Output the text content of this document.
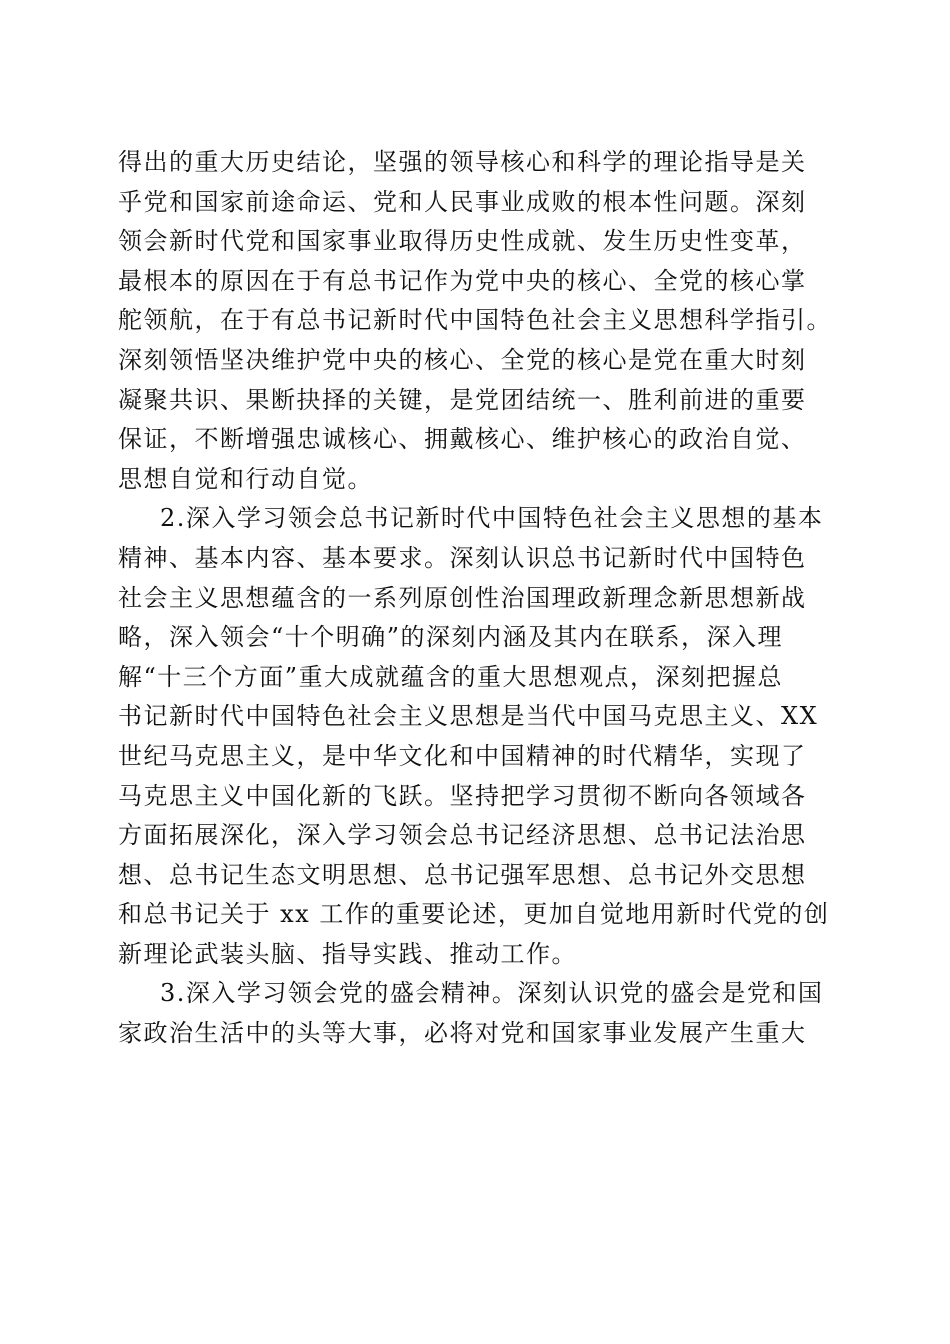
得出的重大历史结论，坚强的领导核心和科学的理论指导是关
乎党和国家前途命运、党和人民事业成败的根本性问题。深刻
领会新时代党和国家事业取得历史性成就、发生历史性变革，
最根本的原因在于有总书记作为党中央的核心、全党的核心掌
舵领航，在于有总书记新时代中国特色社会主义思想科学指引。
深刻领悟坚决维护党中央的核心、全党的核心是党在重大时刻
凝聚共识、果断抉择的关键，是党团结统一、胜利前进的重要
保证，不断增强忠诚核心、拥戴核心、维护核心的政治自觉、
思想自觉和行动自觉。
2.深入学习领会总书记新时代中国特色社会主义思想的基本
精神、基本内容、基本要求。深刻认识总书记新时代中国特色
社会主义思想蕴含的一系列原创性治国理政新理念新思想新战
略，深入领会“十个明确”的深刻内涵及其内在联系，深入理
解“十三个方面”重大成就蕴含的重大思想观点，深刻把握总
书记新时代中国特色社会主义思想是当代中国马克思主义、XX
世纪马克思主义，是中华文化和中国精神的时代精华，实现了
马克思主义中国化新的飞跃。坚持把学习贯彻不断向各领域各
方面拓展深化，深入学习领会总书记经济思想、总书记法治思
想、总书记生态文明思想、总书记强军思想、总书记外交思想
和总书记关于 xx 工作的重要论述，更加自觉地用新时代党的创
新理论武装头脑、指导实践、推动工作。
3.深入学习领会党的盛会精神。深刻认识党的盛会是党和国
家政治生活中的头等大事，必将对党和国家事业发展产生重大
